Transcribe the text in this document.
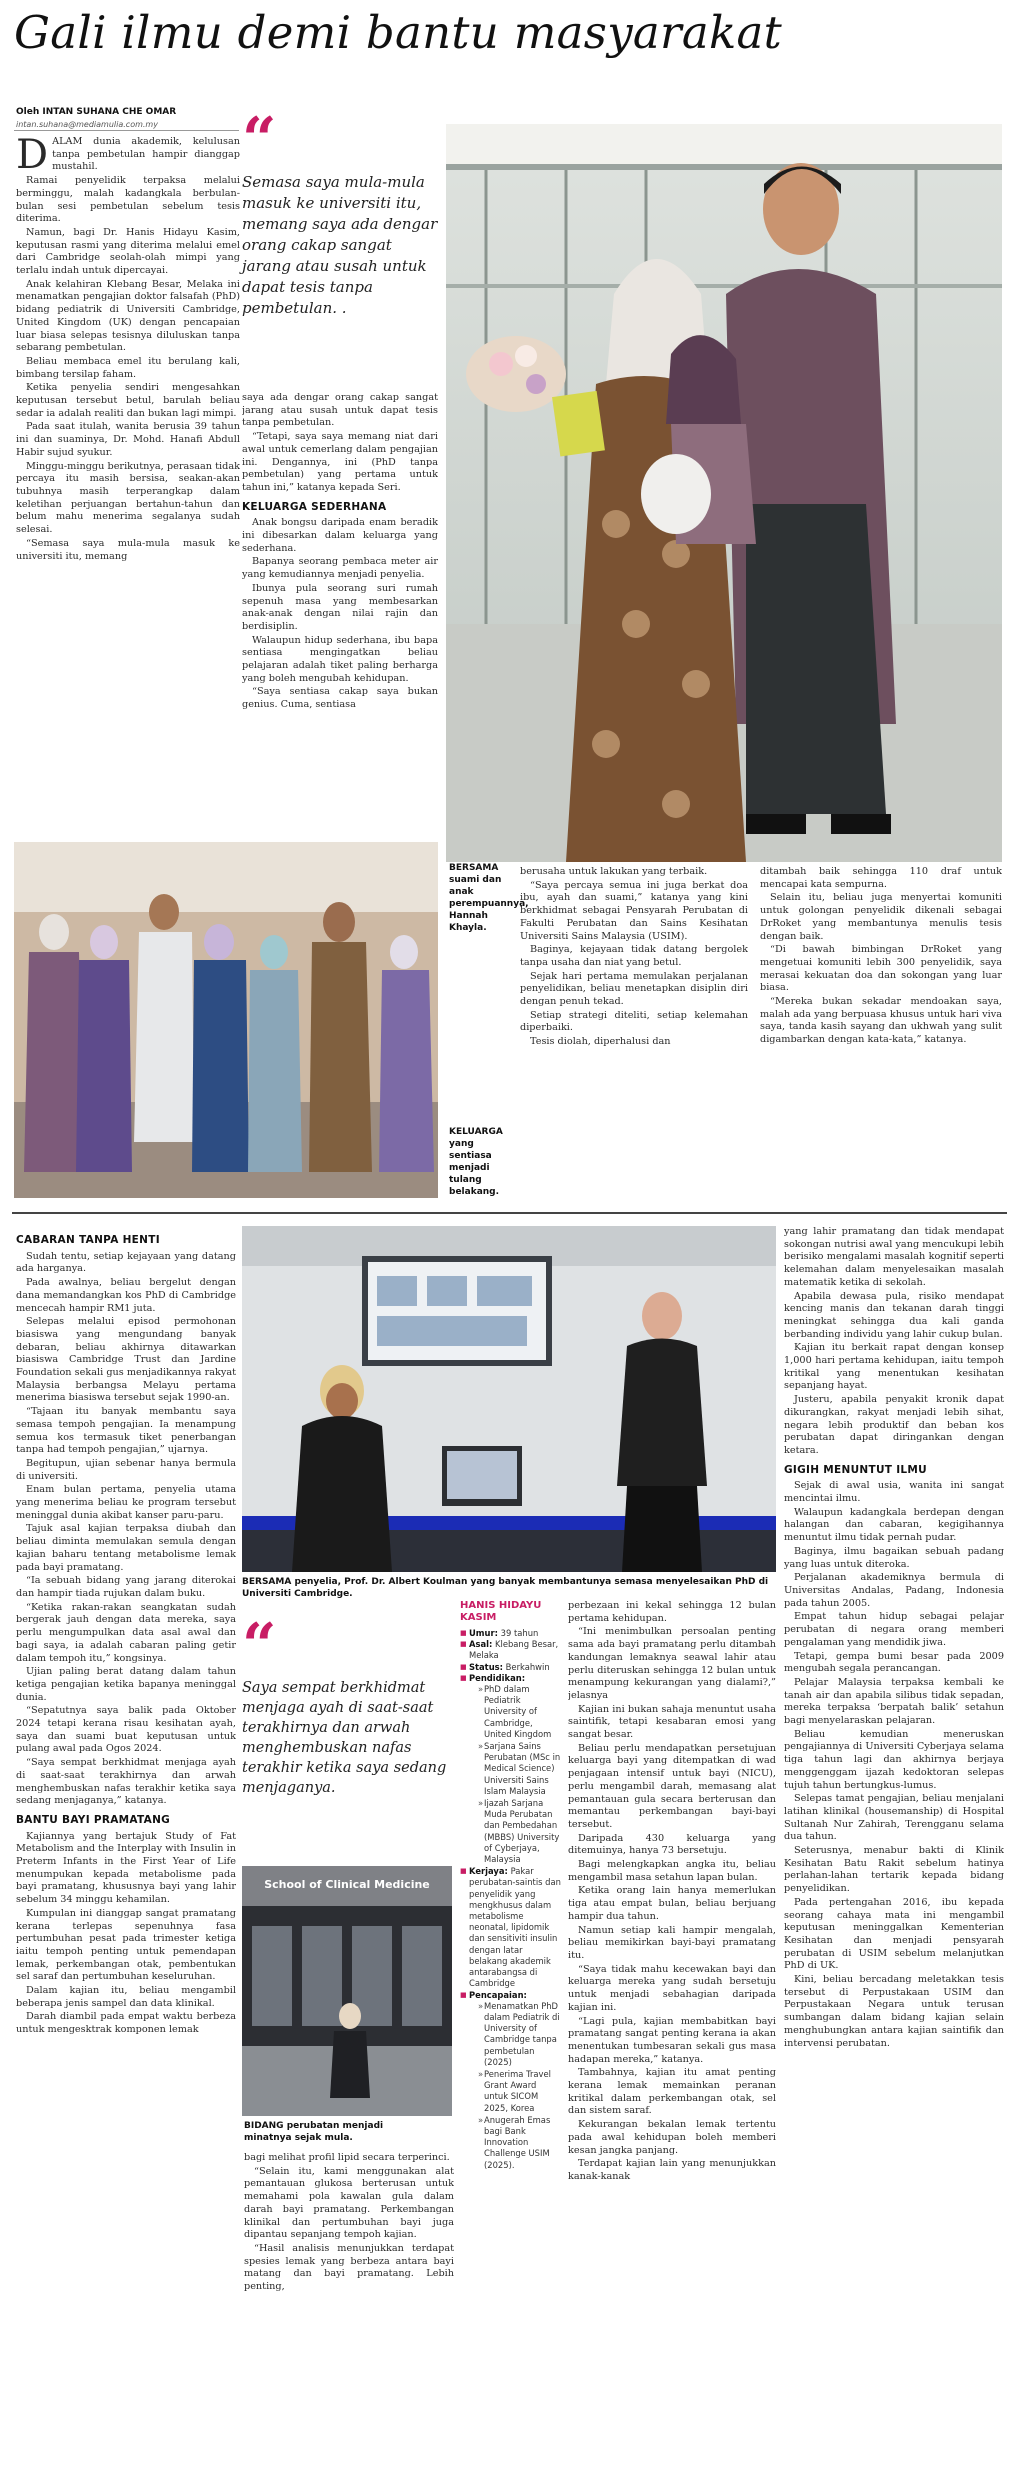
Gali ilmu demi bantu masyarakat
Oleh INTAN SUHANA CHE OMAR
intan.suhana@mediamulia.com.my

DALAM dunia akademik, kelulusan tanpa pembetulan hampir dianggap mustahil.

Ramai penyelidik terpaksa melalui berminggu, malah kadangkala berbulan-bulan sesi pembetulan sebelum tesis diterima.

Namun, bagi Dr. Hanis Hidayu Kasim, keputusan rasmi yang diterima melalui emel dari Cambridge seolah-olah mimpi yang terlalu indah untuk dipercayai.

Anak kelahiran Klebang Besar, Melaka ini menamatkan pengajian doktor falsafah (PhD) bidang pediatrik di Universiti Cambridge, United Kingdom (UK) dengan pencapaian luar biasa selepas tesisnya diluluskan tanpa sebarang pembetulan.

Beliau membaca emel itu berulang kali, bimbang tersilap faham.

Ketika penyelia sendiri mengesahkan keputusan tersebut betul, barulah beliau sedar ia adalah realiti dan bukan lagi mimpi.

Pada saat itulah, wanita berusia 39 tahun ini dan suaminya, Dr. Mohd. Hanafi Abdull Habir sujud syukur.

Minggu-minggu berikutnya, perasaan tidak percaya itu masih bersisa, seakan-akan tubuhnya masih terperangkap dalam keletihan perjuangan bertahun-tahun dan belum mahu menerima segalanya sudah selesai.

“Semasa saya mula-mula masuk ke universiti itu, memang

“
Semasa saya mula-mula masuk ke universiti itu, memang saya ada dengar orang cakap sangat jarang atau susah untuk dapat tesis tanpa pembetulan. .

saya ada dengar orang cakap sangat jarang atau susah untuk dapat tesis tanpa pembetulan.

“Tetapi, saya saya memang niat dari awal untuk cemerlang dalam pengajian ini. Dengannya, ini (PhD tanpa pembetulan) yang pertama untuk tahun ini,” katanya kepada Seri.

KELUARGA SEDERHANA

Anak bongsu daripada enam beradik ini dibesarkan dalam keluarga yang sederhana.

Bapanya seorang pembaca meter air yang kemudiannya menjadi penyelia.

Ibunya pula seorang suri rumah sepenuh masa yang membesarkan anak-anak dengan nilai rajin dan berdisiplin.

Walaupun hidup sederhana, ibu bapa sentiasa mengingatkan beliau pelajaran adalah tiket paling berharga yang boleh mengubah kehidupan.

“Saya sentiasa cakap saya bukan genius. Cuma, sentiasa

BERSAMA suami dan anak perempuannya, Hannah Khayla.
KELUARGA yang sentiasa menjadi tulang belakang.

berusaha untuk lakukan yang terbaik.

“Saya percaya semua ini juga berkat doa ibu, ayah dan suami,” katanya yang kini berkhidmat sebagai Pensyarah Perubatan di Fakulti Perubatan dan Sains Kesihatan Universiti Sains Malaysia (USIM).

Baginya, kejayaan tidak datang bergolek tanpa usaha dan niat yang betul.

Sejak hari pertama memulakan perjalanan penyelidikan, beliau menetapkan disiplin diri dengan penuh tekad.

Setiap strategi diteliti, setiap kelemahan diperbaiki.

Tesis diolah, diperhalusi dan

ditambah baik sehingga 110 draf untuk mencapai kata sempurna.

Selain itu, beliau juga menyertai komuniti untuk golongan penyelidik dikenali sebagai DrRoket yang membantunya menulis tesis dengan baik.

“Di bawah bimbingan DrRoket yang mengetuai komuniti lebih 300 penyelidik, saya merasai kekuatan doa dan sokongan yang luar biasa.

“Mereka bukan sekadar mendoakan saya, malah ada yang berpuasa khusus untuk hari viva saya, tanda kasih sayang dan ukhwah yang sulit digambarkan dengan kata-kata,” katanya.

CABARAN TANPA HENTI

Sudah tentu, setiap kejayaan yang datang ada harganya.

Pada awalnya, beliau bergelut dengan dana memandangkan kos PhD di Cambridge mencecah hampir RM1 juta.

Selepas melalui episod permohonan biasiswa yang mengundang banyak debaran, beliau akhirnya ditawarkan biasiswa Cambridge Trust dan Jardine Foundation sekali gus menjadikannya rakyat Malaysia berbangsa Melayu pertama menerima biasiswa tersebut sejak 1990-an.

“Tajaan itu banyak membantu saya semasa tempoh pengajian. Ia menampung semua kos termasuk tiket penerbangan tanpa had tempoh pengajian,” ujarnya.

Begitupun, ujian sebenar hanya bermula di universiti.

Enam bulan pertama, penyelia utama yang menerima beliau ke program tersebut meninggal dunia akibat kanser paru-paru.

Tajuk asal kajian terpaksa diubah dan beliau diminta memulakan semula dengan kajian baharu tentang metabolisme lemak pada bayi pramatang.

“Ia sebuah bidang yang jarang diterokai dan hampir tiada rujukan dalam buku.

“Ketika rakan-rakan seangkatan sudah bergerak jauh dengan data mereka, saya perlu mengumpulkan data asal awal dan bagi saya, ia adalah cabaran paling getir dalam tempoh itu,” kongsinya.

Ujian paling berat datang dalam tahun ketiga pengajian ketika bapanya meninggal dunia.

“Sepatutnya saya balik pada Oktober 2024 tetapi kerana risau kesihatan ayah, saya dan suami buat keputusan untuk pulang awal pada Ogos 2024.

“Saya sempat berkhidmat menjaga ayah di saat-saat terakhirnya dan arwah menghembuskan nafas terakhir ketika saya sedang menjaganya,” katanya.

BANTU BAYI PRAMATANG

Kajiannya yang bertajuk Study of Fat Metabolism and the Interplay with Insulin in Preterm Infants in the First Year of Life menumpukan kepada metabolisme pada bayi pramatang, khususnya bayi yang lahir sebelum 34 minggu kehamilan.

Kumpulan ini dianggap sangat pramatang kerana terlepas sepenuhnya fasa pertumbuhan pesat pada trimester ketiga iaitu tempoh penting untuk pemendapan lemak, perkembangan otak, pembentukan sel saraf dan pertumbuhan keseluruhan.

Dalam kajian itu, beliau mengambil beberapa jenis sampel dan data klinikal.

Darah diambil pada empat waktu berbeza untuk mengesktrak komponen lemak

BERSAMA penyelia, Prof. Dr. Albert Koulman yang banyak membantunya semasa menyelesaikan PhD di Universiti Cambridge.
“
Saya sempat berkhidmat menjaga ayah di saat-saat terakhirnya dan arwah menghembuskan nafas terakhir ketika saya sedang menjaganya.
School of Clinical Medicine
BIDANG perubatan menjadi minatnya sejak mula.

bagi melihat profil lipid secara terperinci.

“Selain itu, kami menggunakan alat pemantauan glukosa berterusan untuk memahami pola kawalan gula dalam darah bayi pramatang. Perkembangan klinikal dan pertumbuhan bayi juga dipantau sepanjang tempoh kajian.

“Hasil analisis menunjukkan terdapat spesies lemak yang berbeza antara bayi matang dan bayi pramatang. Lebih penting,

HANIS HIDAYU KASIM
■ Umur: 39 tahun
■ Asal: Klebang Besar, Melaka
■ Status: Berkahwin
■ Pendidikan:
» PhD dalam Pediatrik University of Cambridge, United Kingdom
» Sarjana Sains Perubatan (MSc in Medical Science) Universiti Sains Islam Malaysia
» Ijazah Sarjana Muda Perubatan dan Pembedahan (MBBS) University of Cyberjaya, Malaysia
■ Kerjaya: Pakar perubatan-saintis dan penyelidik yang mengkhusus dalam metabolisme neonatal, lipidomik dan sensitiviti insulin dengan latar belakang akademik antarabangsa di Cambridge
■ Pencapaian:
» Menamatkan PhD dalam Pediatrik di University of Cambridge tanpa pembetulan (2025)
» Penerima Travel Grant Award untuk SICOM 2025, Korea
» Anugerah Emas bagi Bank Innovation Challenge USIM (2025).

perbezaan ini kekal sehingga 12 bulan pertama kehidupan.

“Ini menimbulkan persoalan penting sama ada bayi pramatang perlu ditambah kandungan lemaknya seawal lahir atau perlu diteruskan sehingga 12 bulan untuk menampung kekurangan yang dialami?,” jelasnya

Kajian ini bukan sahaja menuntut usaha saintifik, tetapi kesabaran emosi yang sangat besar.

Beliau perlu mendapatkan persetujuan keluarga bayi yang ditempatkan di wad penjagaan intensif untuk bayi (NICU), perlu mengambil darah, memasang alat pemantauan gula secara berterusan dan memantau perkembangan bayi-bayi tersebut.

Daripada 430 keluarga yang ditemuinya, hanya 73 bersetuju.

Bagi melengkapkan angka itu, beliau mengambil masa setahun lapan bulan.

Ketika orang lain hanya memerlukan tiga atau empat bulan, beliau berjuang hampir dua tahun.

Namun setiap kali hampir mengalah, beliau memikirkan bayi-bayi pramatang itu.

“Saya tidak mahu kecewakan bayi dan keluarga mereka yang sudah bersetuju untuk menjadi sebahagian daripada kajian ini.

“Lagi pula, kajian membabitkan bayi pramatang sangat penting kerana ia akan menentukan tumbesaran sekali gus masa hadapan mereka,” katanya.

Tambahnya, kajian itu amat penting kerana lemak memainkan peranan kritikal dalam perkembangan otak, sel dan sistem saraf.

Kekurangan bekalan lemak tertentu pada awal kehidupan boleh memberi kesan jangka panjang.

Terdapat kajian lain yang menunjukkan kanak-kanak

yang lahir pramatang dan tidak mendapat sokongan nutrisi awal yang mencukupi lebih berisiko mengalami masalah kognitif seperti kelemahan dalam menyelesaikan masalah matematik ketika di sekolah.

Apabila dewasa pula, risiko mendapat kencing manis dan tekanan darah tinggi meningkat sehingga dua kali ganda berbanding individu yang lahir cukup bulan.

Kajian itu berkait rapat dengan konsep 1,000 hari pertama kehidupan, iaitu tempoh kritikal yang menentukan kesihatan sepanjang hayat.

Justeru, apabila penyakit kronik dapat dikurangkan, rakyat menjadi lebih sihat, negara lebih produktif dan beban kos perubatan dapat diringankan dengan ketara.

GIGIH MENUNTUT ILMU

Sejak di awal usia, wanita ini sangat mencintai ilmu.

Walaupun kadangkala berdepan dengan halangan dan cabaran, kegigihannya menuntut ilmu tidak pernah pudar.

Baginya, ilmu bagaikan sebuah padang yang luas untuk diteroka.

Perjalanan akademiknya bermula di Universitas Andalas, Padang, Indonesia pada tahun 2005.

Empat tahun hidup sebagai pelajar perubatan di negara orang memberi pengalaman yang mendidik jiwa.

Tetapi, gempa bumi besar pada 2009 mengubah segala perancangan.

Pelajar Malaysia terpaksa kembali ke tanah air dan apabila silibus tidak sepadan, mereka terpaksa ‘berpatah balik’ setahun bagi menyelaraskan pelajaran.

Beliau kemudian meneruskan pengajiannya di Universiti Cyberjaya selama tiga tahun lagi dan akhirnya berjaya menggenggam ijazah kedoktoran selepas tujuh tahun bertungkus-lumus.

Selepas tamat pengajian, beliau menjalani latihan klinikal (housemanship) di Hospital Sultanah Nur Zahirah, Terengganu selama dua tahun.

Seterusnya, menabur bakti di Klinik Kesihatan Batu Rakit sebelum hatinya perlahan-lahan tertarik kepada bidang penyelidikan.

Pada pertengahan 2016, ibu kepada seorang cahaya mata ini mengambil keputusan meninggalkan Kementerian Kesihatan dan menjadi pensyarah perubatan di USIM sebelum melanjutkan PhD di UK.

Kini, beliau bercadang meletakkan tesis tersebut di Perpustakaan USIM dan Perpustakaan Negara untuk terusan sumbangan dalam bidang kajian selain menghubungkan antara kajian saintifik dan intervensi perubatan.
